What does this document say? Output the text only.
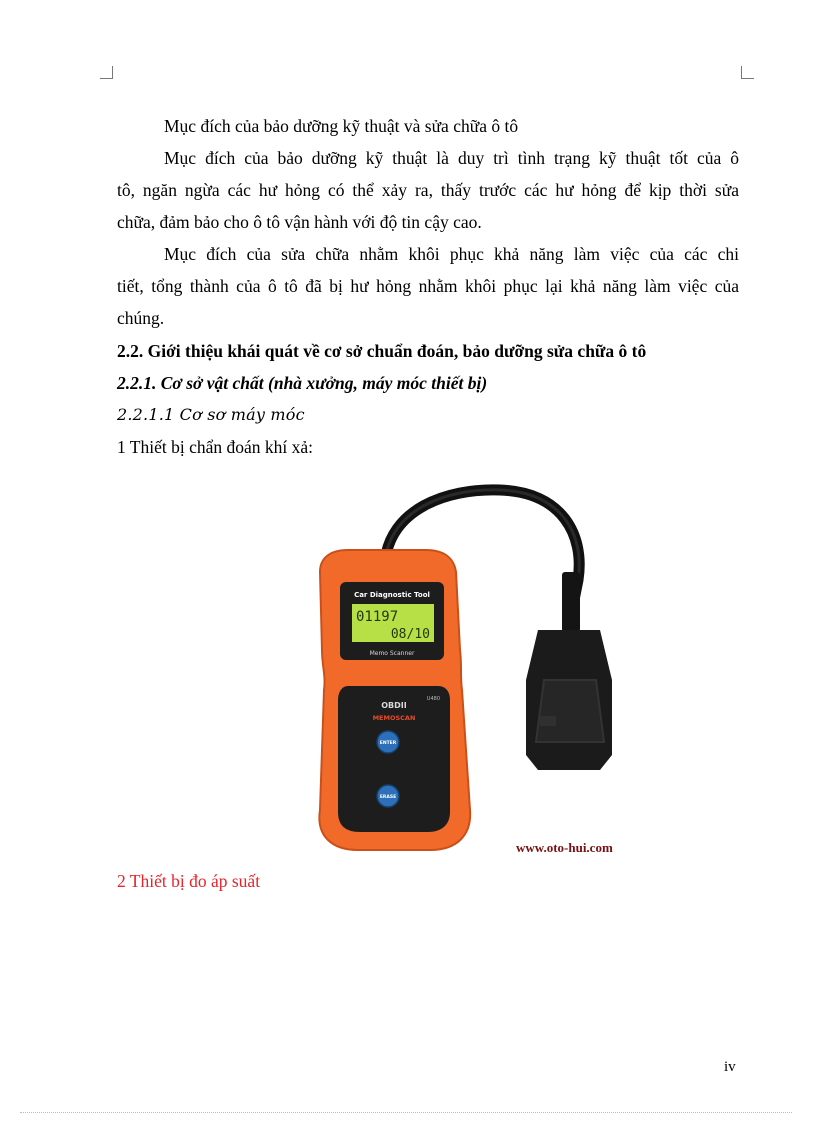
Mục đích của bảo dưỡng kỹ thuật và sửa chữa ô tô
Mục đích của bảo dưỡng kỹ thuật là duy trì tình trạng kỹ thuật tốt của ô
tô, ngăn ngừa các hư hỏng có thể xảy ra, thấy trước các hư hỏng để kịp thời sửa
chữa, đảm bảo cho ô tô vận hành với độ tin cậy cao.
Mục đích của sửa chữa nhằm khôi phục khả năng làm việc của các chi
tiết, tổng thành của ô tô đã bị hư hỏng nhằm khôi phục lại khả năng làm việc của
chúng.
2.2. Giới thiệu khái quát về cơ sở chuẩn đoán, bảo dưỡng sửa chữa ô tô
2.2.1. Cơ sở vật chất (nhà xưởng, máy móc thiết bị)
2.2.1.1 Cơ sơ máy móc
1 Thiết bị chẩn đoán khí xả:
Car Diagnostic Tool
01197
08/10
Memo Scanner
OBDII
MEMOSCAN
U480
ENTER
ERASE
www.oto-hui.com
2 Thiết bị đo áp suất
iv
